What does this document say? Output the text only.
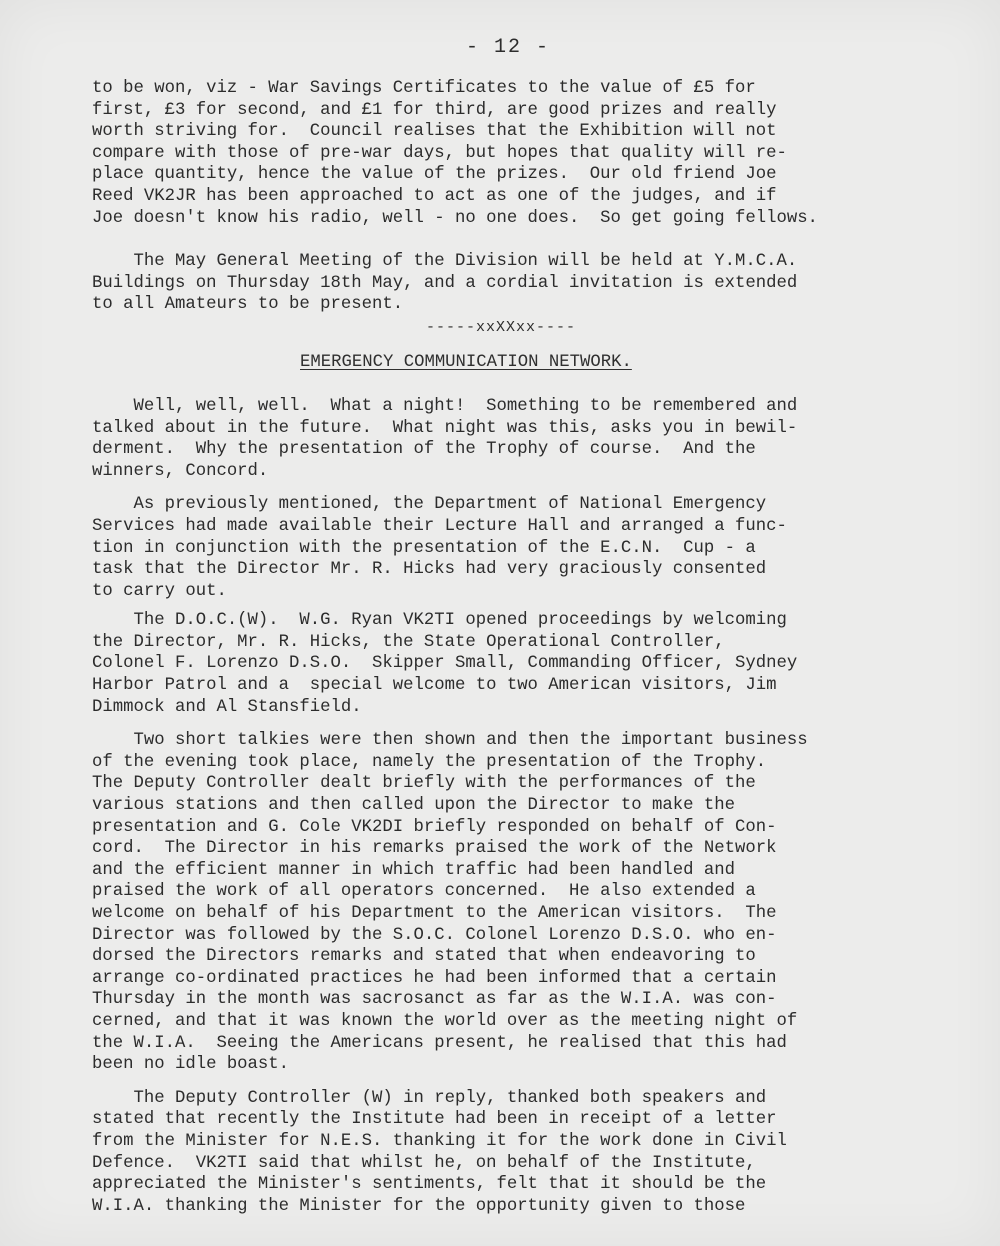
- 12 -

to be won, viz - War Savings Certificates to the value of £5 for
first, £3 for second, and £1 for third, are good prizes and really
worth striving for.  Council realises that the Exhibition will not
compare with those of pre-war days, but hopes that quality will re-
place quantity, hence the value of the prizes.  Our old friend Joe
Reed VK2JR has been approached to act as one of the judges, and if
Joe doesn't know his radio, well - no one does.  So get going fellows.

The May General Meeting of the Division will be held at Y.M.C.A.
Buildings on Thursday 18th May, and a cordial invitation is extended
to all Amateurs to be present.

-----xxXXxx----
EMERGENCY COMMUNICATION NETWORK.

Well, well, well.  What a night!  Something to be remembered and
talked about in the future.  What night was this, asks you in bewil-
derment.  Why the presentation of the Trophy of course.  And the
winners, Concord.

As previously mentioned, the Department of National Emergency
Services had made available their Lecture Hall and arranged a func-
tion in conjunction with the presentation of the E.C.N.  Cup - a
task that the Director Mr. R. Hicks had very graciously consented
to carry out.

The D.O.C.(W).  W.G. Ryan VK2TI opened proceedings by welcoming
the Director, Mr. R. Hicks, the State Operational Controller,
Colonel F. Lorenzo D.S.O.  Skipper Small, Commanding Officer, Sydney
Harbor Patrol and a  special welcome to two American visitors, Jim
Dimmock and Al Stansfield.

Two short talkies were then shown and then the important business
of the evening took place, namely the presentation of the Trophy.
The Deputy Controller dealt briefly with the performances of the
various stations and then called upon the Director to make the
presentation and G. Cole VK2DI briefly responded on behalf of Con-
cord.  The Director in his remarks praised the work of the Network
and the efficient manner in which traffic had been handled and
praised the work of all operators concerned.  He also extended a
welcome on behalf of his Department to the American visitors.  The
Director was followed by the S.O.C. Colonel Lorenzo D.S.O. who en-
dorsed the Directors remarks and stated that when endeavoring to
arrange co-ordinated practices he had been informed that a certain
Thursday in the month was sacrosanct as far as the W.I.A. was con-
cerned, and that it was known the world over as the meeting night of
the W.I.A.  Seeing the Americans present, he realised that this had
been no idle boast.

The Deputy Controller (W) in reply, thanked both speakers and
stated that recently the Institute had been in receipt of a letter
from the Minister for N.E.S. thanking it for the work done in Civil
Defence.  VK2TI said that whilst he, on behalf of the Institute,
appreciated the Minister's sentiments, felt that it should be the
W.I.A. thanking the Minister for the opportunity given to those
